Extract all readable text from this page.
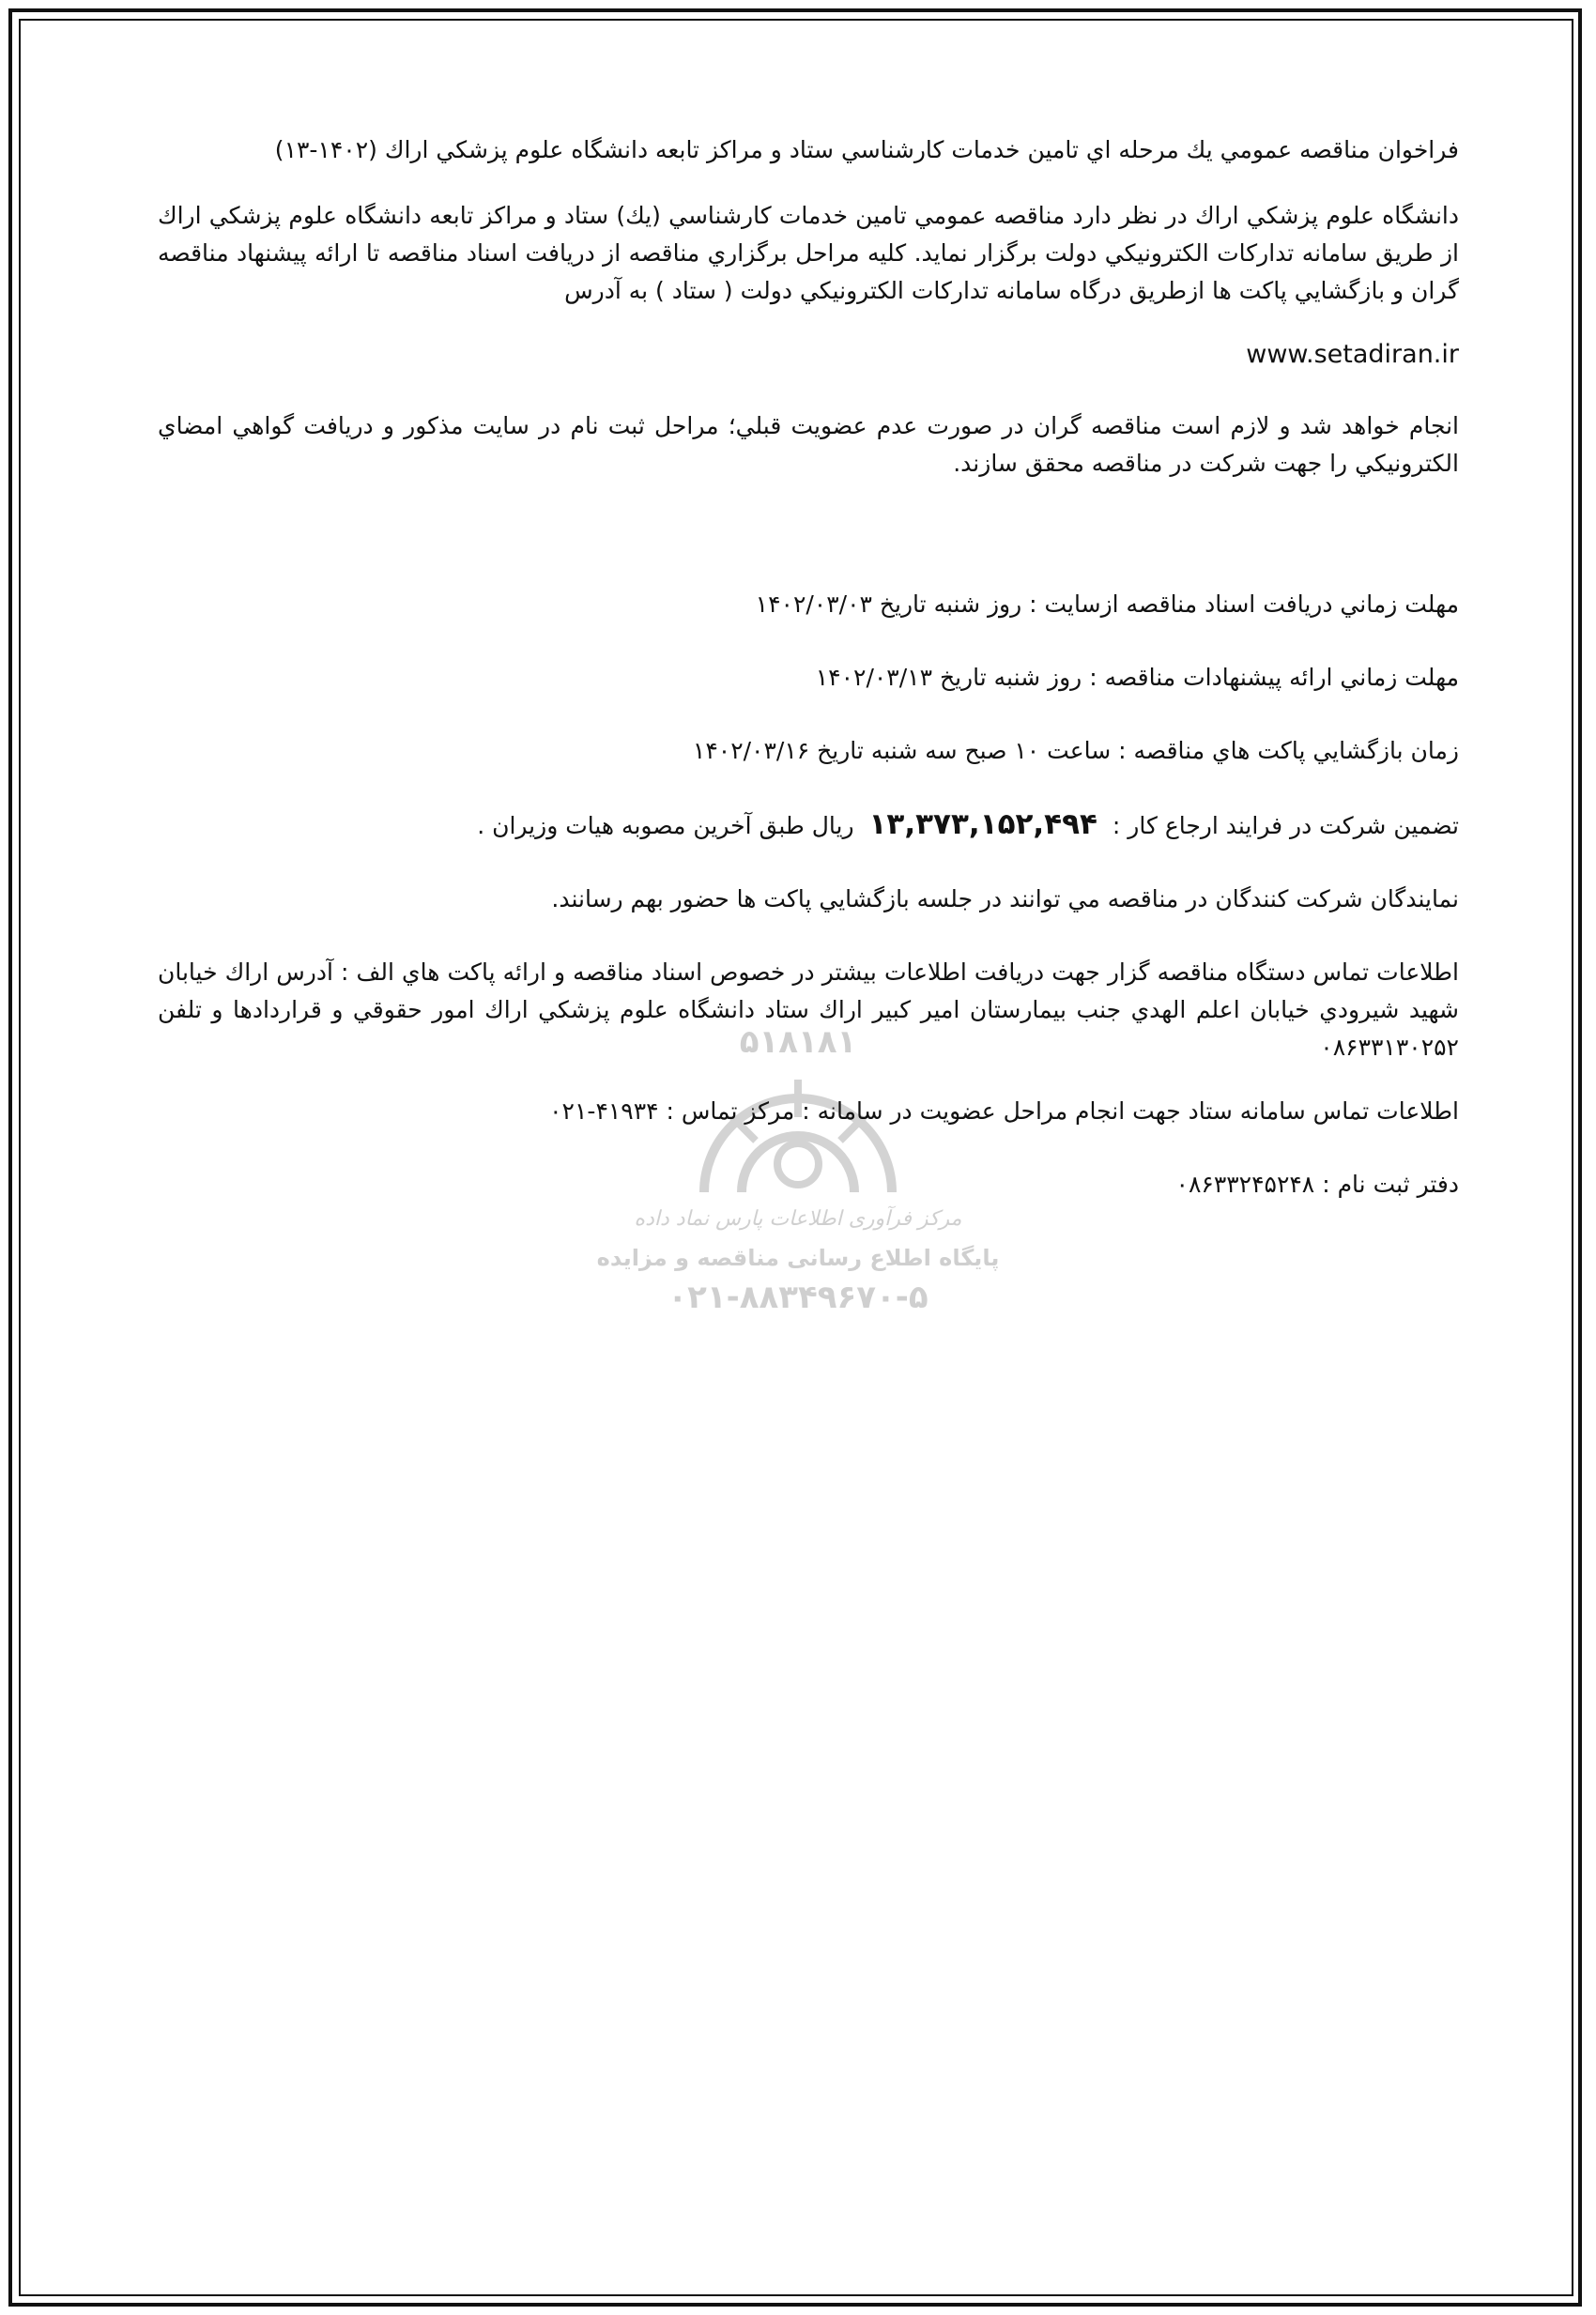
۵۱۸۱۸۱
مرکز فرآوری اطلاعات پارس نماد داده
پایگاه اطلاع رسانی مناقصه و مزایده
۰۲۱-۸۸۳۴۹۶۷۰-۵

فراخوان مناقصه عمومي يك مرحله اي تامين خدمات كارشناسي ستاد و مراكز تابعه دانشگاه علوم پزشكي اراك (۱۴۰۲-۱۳)

دانشگاه علوم پزشكي اراك در نظر دارد مناقصه عمومي تامين خدمات كارشناسي (يك) ستاد و مراكز تابعه دانشگاه علوم پزشكي اراك از طريق سامانه تداركات الكترونيكي دولت برگزار نمايد. كليه مراحل برگزاري مناقصه از دريافت اسناد مناقصه تا ارائه پيشنهاد مناقصه گران و بازگشايي پاكت ها ازطريق درگاه سامانه تداركات الكترونيكي دولت ( ستاد ) به آدرس

www.setadiran.ir

انجام خواهد شد و لازم است مناقصه گران در صورت عدم عضويت قبلي؛ مراحل ثبت نام در سايت مذكور و دريافت گواهي امضاي الكترونيكي را جهت شركت در مناقصه محقق سازند.

مهلت زماني دريافت اسناد مناقصه ازسايت : روز شنبه تاريخ ۱۴۰۲/۰۳/۰۳
مهلت زماني ارائه پيشنهادات مناقصه : روز شنبه تاريخ ۱۴۰۲/۰۳/۱۳
زمان بازگشايي پاكت هاي مناقصه : ساعت ۱۰ صبح سه شنبه تاريخ ۱۴۰۲/۰۳/۱۶
تضمين شركت در فرايند ارجاع كار : ۱۳,۳۷۳,۱۵۲,۴۹۴ ريال طبق آخرين مصوبه هيات وزيران .
نمايندگان شركت كنندگان در مناقصه مي توانند در جلسه بازگشايي پاكت ها حضور بهم رسانند.

اطلاعات تماس دستگاه مناقصه گزار جهت دريافت اطلاعات بيشتر در خصوص اسناد مناقصه و ارائه پاكت هاي الف : آدرس اراك خيابان شهيد شيرودي خيابان اعلم الهدي جنب بيمارستان امير كبير اراك ستاد دانشگاه علوم پزشكي اراك امور حقوقي و قراردادها و تلفن ۰۸۶۳۳۱۳۰۲۵۲

اطلاعات تماس سامانه ستاد جهت انجام مراحل عضويت در سامانه : مركز تماس : ۴۱۹۳۴-۰۲۱
دفتر ثبت نام : ۰۸۶۳۳۲۴۵۲۴۸
